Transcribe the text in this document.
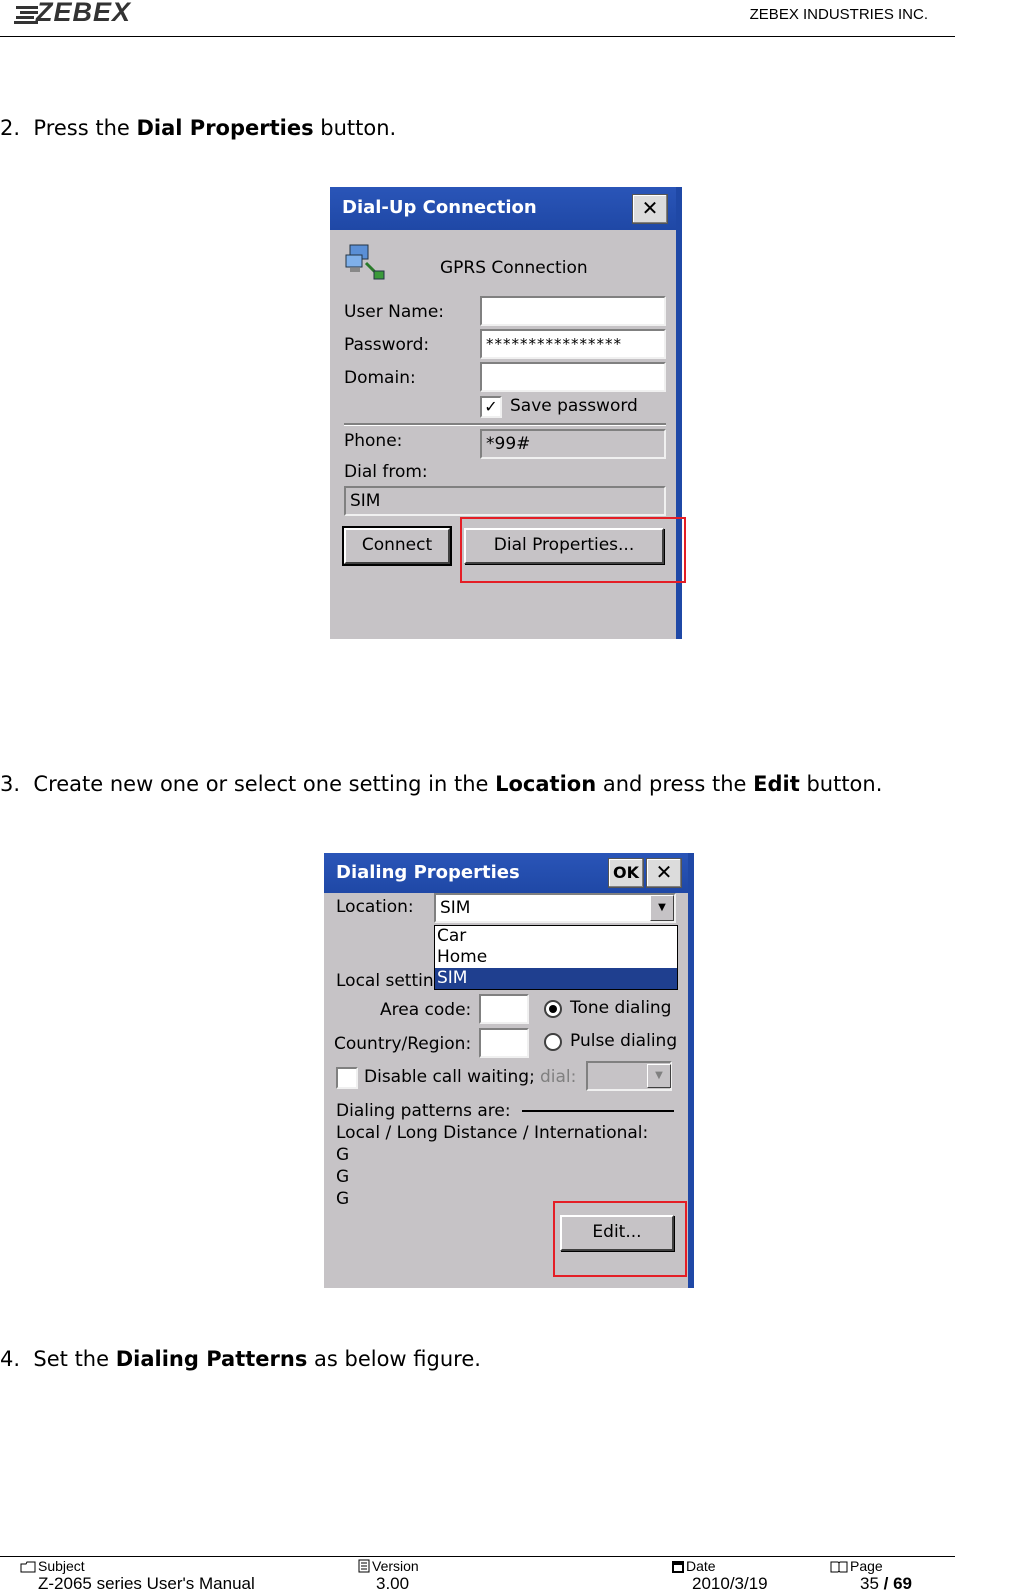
ZEBEX	ZEBEX INDUSTRIES INC.
2. Press the Dial Properties button.
Dial-Up Connection	✕
GPRS Connection
User Name:
Password:	****************
Domain:
✓ Save password
Phone:	*99#
Dial from:
SIM
Connect	Dial Properties...
3. Create new one or select one setting in the Location and press the Edit button.
Dialing Properties	OK ✕
Location:	SIM	▼
Car
Home
SIM
Local settin
Area code:
Country/Region:
Tone dialing
Pulse dialing
Disable call waiting; dial:	▼
Dialing patterns are:
Local / Long Distance / International:
G
G
G
Edit...
4. Set the Dialing Patterns as below figure.
Subject	Version	Date	Page
Z-2065 series User's Manual	3.00	2010/3/19	35 / 69
